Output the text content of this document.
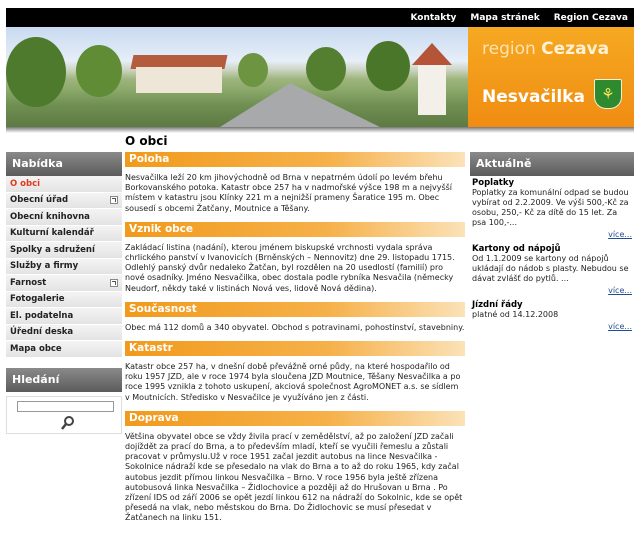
Kontakty Mapa stránek Region Cezava
region Cezava
Nesvačilka	⚘
Nabídka
O obci
Obecní úřad
Obecní knihovna
Kulturní kalendář
Spolky a sdružení
Služby a firmy
Farnost
Fotogalerie
El. podatelna
Úřední deska
Mapa obce
Hledání
O obci
Poloha
Nesvačilka leží 20 km jihovýchodně od Brna v nepatrném údolí po levém břehu Borkovanského potoka. Katastr obce 257 ha v nadmořské výšce 198 m a nejvyšší místem v katastru jsou Klínky 221 m a nejnižší prameny Šaratice 195 m. Obec sousedí s obcemi Žatčany, Moutnice a Těšany.
Vznik obce
Zakládací listina (nadání), kterou jménem biskupské vrchnosti vydala správa chrlického panství v Ivanovicích (Brněnských – Nennovitz) dne 29. listopadu 1715. Odlehlý panský dvůr nedaleko Žatčan, byl rozdělen na 20 usedlostí (familií) pro nové osadníky. Jméno Nesvačilka, obec dostala podle rybníka Nesvačila (německy Neudorf, někdy také v listinách Nová ves, lidově Nová dědina).
Současnost
Obec má 112 domů a 340 obyvatel. Obchod s potravinami, pohostinství, stavebniny.
Katastr
Katastr obce 257 ha, v dnešní době převážně orné půdy, na které hospodařilo od roku 1957 JZD, ale v roce 1974 byla sloučena JZD Moutnice, Těšany Nesvačilka a po roce 1995 vznikla z tohoto uskupení, akciová společnost AgroMONET a.s. se sídlem v Moutnicích. Středisko v Nesvačilce je využíváno jen z části.
Doprava
Většina obyvatel obce se vždy živila prací v zemědělství, až po založení JZD začali dojíždět za prací do Brna, a to především mladí, kteří se vyučili řemeslu a zůstali pracovat v průmyslu.Už v roce 1951 začal jezdit autobus na lince Nesvačilka - Sokolnice nádraží kde se přesedalo na vlak do Brna a to až do roku 1965, kdy začal autobus jezdit přímou linkou Nesvačilka – Brno. V roce 1956 byla ještě zřízena autobusová linka Nesvačilka – Židlochovice a později až do Hrušovan u Brna . Po zřízení IDS od září 2006 se opět jezdí linkou 612 na nádraží do Sokolnic, kde se opět přesedá na vlak, nebo městskou do Brna. Do Židlochovic se musí přesedat v Žatčanech na linku 151.
Aktuálně
Poplatky
Poplatky za komunální odpad se budou vybírat od 2.2.2009. Ve výši 500,-Kč za osobu, 250,- Kč za dítě do 15 let. Za psa 100,-...
více...
Kartony od nápojů
Od 1.1.2009 se kartony od nápojů ukládají do nádob s plasty. Nebudou se dávat zvlášť do pytlů. ...
více...
Jízdní řády
platné od 14.12.2008
více...
